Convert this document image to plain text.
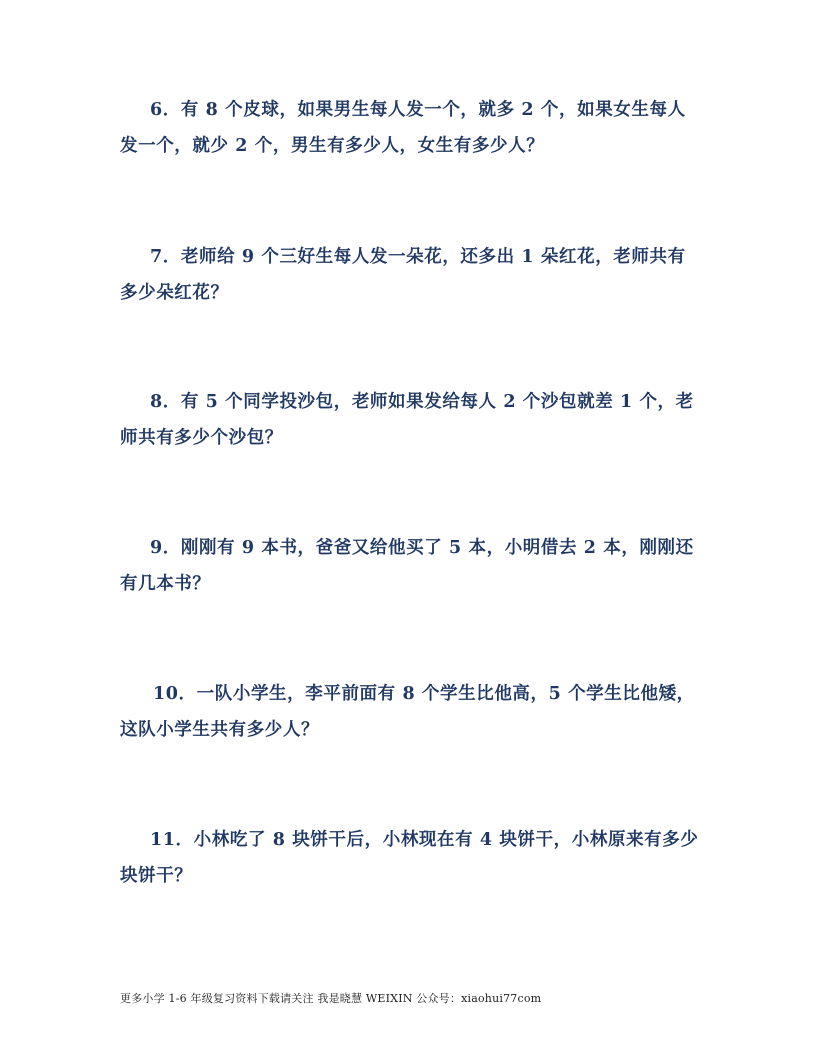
6．有 8 个皮球，如果男生每人发一个，就多 2 个，如果女生每人发一个，就少 2 个，男生有多少人，女生有多少人？

7．老师给 9 个三好生每人发一朵花，还多出 1 朵红花，老师共有多少朵红花？

8．有 5 个同学投沙包，老师如果发给每人 2 个沙包就差 1 个，老师共有多少个沙包？

9．刚刚有 9 本书，爸爸又给他买了 5 本，小明借去 2 本，刚刚还有几本书？

10．一队小学生，李平前面有 8 个学生比他高，5 个学生比他矮，这队小学生共有多少人？

11．小林吃了 8 块饼干后，小林现在有 4 块饼干，小林原来有多少块饼干？

更多小学 1-6 年级复习资料下载请关注 我是晓慧 WEIXIN 公众号：xiaohui77com
